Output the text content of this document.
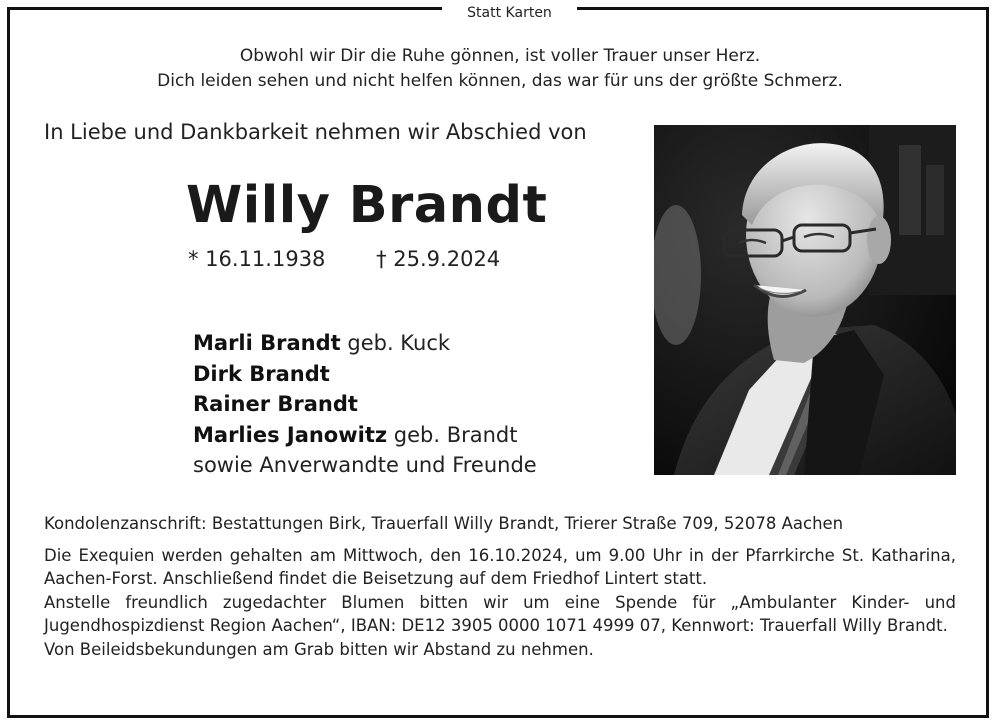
Statt Karten
Obwohl wir Dir die Ruhe gönnen, ist voller Trauer unser Herz.
Dich leiden sehen und nicht helfen können, das war für uns der größte Schmerz.
In Liebe und Dankbarkeit nehmen wir Abschied von
Willy Brandt
* 16.11.1938 † 25.9.2024
Marli Brandt geb. Kuck
Dirk Brandt
Rainer Brandt
Marlies Janowitz geb. Brandt
sowie Anverwandte und Freunde

Kondolenzanschrift: Bestattungen Birk, Trauerfall Willy Brandt, Trierer Straße 709, 52078 Aachen

Die Exequien werden gehalten am Mittwoch, den 16.10.2024, um 9.00 Uhr in der Pfarrkirche St. Katharina, Aachen-Forst. Anschließend findet die Beisetzung auf dem Friedhof Lintert statt.

Anstelle freundlich zugedachter Blumen bitten wir um eine Spende für „Ambulanter Kinder- und Jugendhospizdienst Region Aachen“, IBAN: DE12 3905 0000 1071 4999 07, Kennwort: Trauerfall Willy Brandt.

Von Beileidsbekundungen am Grab bitten wir Abstand zu nehmen.
